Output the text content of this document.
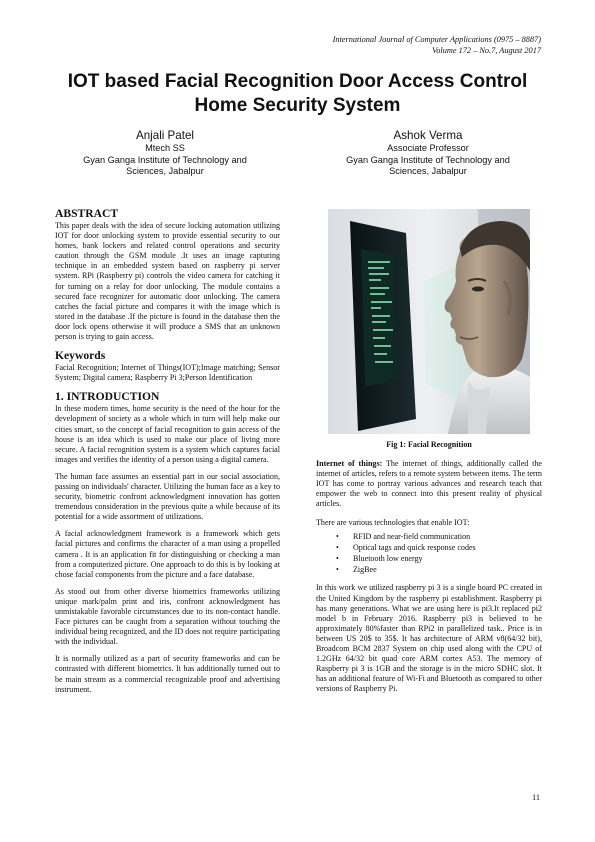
International Journal of Computer Applications (0975 – 8887)
Volume 172 – No.7, August 2017
IOT based Facial Recognition Door Access Control
Home Security System
Anjali Patel
Mtech SS
Gyan Ganga Institute of Technology and
Sciences, Jabalpur
Ashok Verma
Associate Professor
Gyan Ganga Institute of Technology and
Sciences, Jabalpur
ABSTRACT

This paper deals with the idea of secure locking automation utilizing IOT for door unlocking system to provide essential security to our homes, bank lockers and related control operations and security caution through the GSM module .It uses an image capturing technique in an embedded system based on raspberry pi server system. RPi (Raspberry pi) controls the video camera for catching it for turning on a relay for door unlocking. The module contains a secured face recognizer for automatic door unlocking. The camera catches the facial picture and compares it with the image which is stored in the database .If the picture is found in the database then the door lock opens otherwise it will produce a SMS that an unknown person is trying to gain access.

Keywords

Facial Recognition; Internet of Things(IOT);Image matching; Sensor System; Digital camera; Raspberry Pi 3;Person Identification

1. INTRODUCTION

In these modern times, home security is the need of the hour for the development of society as a whole which in turn will help make our cities smart, so the concept of facial recognition to gain access of the house is an idea which is used to make our place of living more secure. A facial recognition system is a system which captures facial images and verifies the identity of a person using a digital camera.

The human face assumes an essential part in our social association, passing on individuals' character. Utilizing the human face as a key to security, biometric confront acknowledgment innovation has gotten tremendous consideration in the previous quite a while because of its potential for a wide assortment of utilizations.

A facial acknowledgment framework is a framework which gets facial pictures and confirms the character of a man using a propelled camera . It is an application fit for distinguishing or checking a man from a computerized picture. One approach to do this is by looking at chose facial components from the picture and a face database.

As stood out from other diverse biometrics frameworks utilizing unique mark/palm print and iris, confront acknowledgment has unmistakable favorable circumstances due to its non-contact handle. Face pictures can be caught from a separation without touching the individual being recognized, and the ID does not require participating with the individual.

It is normally utilized as a part of security frameworks and can be contrasted with different biometrics. It has additionally turned out to be main stream as a commercial recognizable proof and advertising instrument.

Fig 1: Facial Recognition

Internet of things: The internet of things, additionally called the internet of articles, refers to a remote system between items. The term IOT has come to portray various advances and research teach that empower the web to connect into this present reality of physical articles.

There are various technologies that enable IOT:

• RFID and near-field communication
• Optical tags and quick response codes
• Bluetooth low energy
• ZigBee

In this work we utilized raspberry pi 3 is a single board PC created in the United Kingdom by the raspberry pi establishment. Raspberry pi has many generations. What we are using here is pi3.It replaced pi2 model b in February 2016. Raspberry pi3 is believed to be approximately 80%faster than RPi2 in parallelized task.. Price is in between US 20$ to 35$. It has architecture of ARM v8(64/32 bit), Broadcom BCM 2837 System on chip used along with the CPU of 1.2GHz 64/32 bit quad core ARM cortex A53. The memory of Raspberry pi 3 is 1GB and the storage is in the micro SDHC slot. It has an additional feature of Wi-Fi and Bluetooth as compared to other versions of Raspberry Pi.

11
